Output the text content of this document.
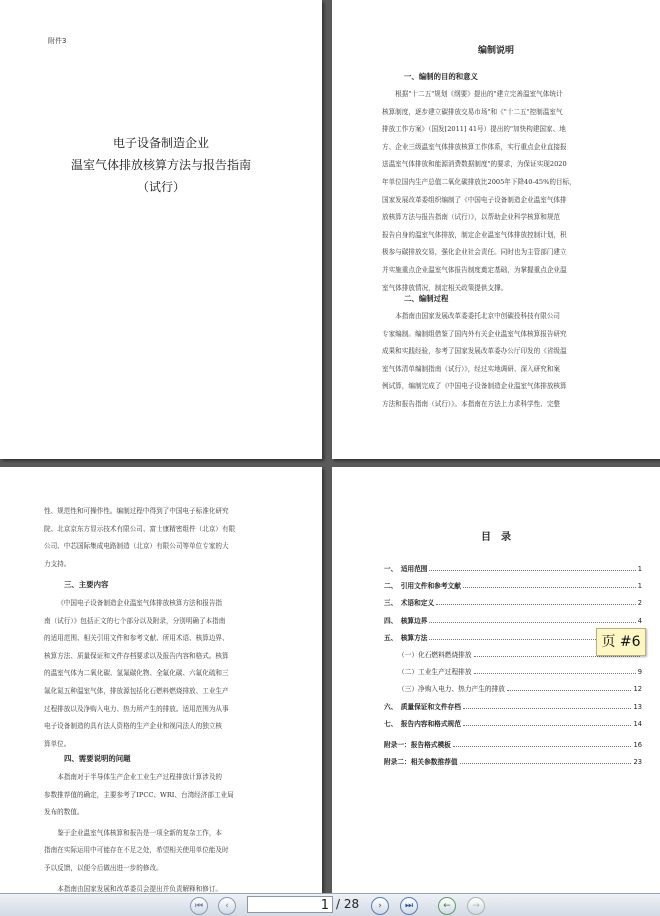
附件3
电子设备制造企业
温室气体排放核算方法与报告指南
（试行）
编制说明
一、编制的目的和意义
根据"十二五"规划《纲要》提出的"建立完善温室气体统计
核算制度，逐步建立碳排放交易市场"和《"十二五"控制温室气
排放工作方案》（国发[2011] 41号）提出的"加快构建国家、地
方、企业三级温室气体排放核算工作体系，实行重点企业直接报
送温室气体排放和能源消费数据制度"的要求，为保证实现2020
年单位国内生产总值二氧化碳排放比2005年下降40-45%的目标，
国家发展改革委组织编制了《中国电子设备制造企业温室气体排
放核算方法与报告指南（试行）》，以帮助企业科学核算和规范
报告自身的温室气体排放，制定企业温室气体排放控制计划，积
极参与碳排放交易，强化企业社会责任。同时也为主管部门建立
并实施重点企业温室气体报告制度奠定基础，为掌握重点企业温
室气体排放情况，制定相关政策提供支撑。
二、编制过程
本指南由国家发展改革委委托北京中创碳投科技有限公司
专家编制。编制组借鉴了国内外有关企业温室气体核算报告研究
成果和实践经验，参考了国家发展改革委办公厅印发的《省级温
室气体清单编制指南（试行）》，经过实地调研、深入研究和案
例试算，编制完成了《中国电子设备制造企业温室气体排放核算
方法和报告指南（试行）》。本指南在方法上力求科学性、完整
性、规范性和可操作性。编制过程中得到了中国电子标准化研究
院、北京京东方显示技术有限公司、富士康精密组件（北京）有限
公司、中芯国际集成电路制造（北京）有限公司等单位专家的大
力支持。
三、主要内容
《中国电子设备制造企业温室气体排放核算方法和报告指
南（试行）》包括正文的七个部分以及附录，分别明确了本指南
的适用范围、相关引用文件和参考文献、所用术语、核算边界、
核算方法、质量保证和文件存档要求以及报告内容和格式。核算
的温室气体为二氧化碳、氢氟碳化物、全氟化碳、六氟化硫和三
氟化氮五种温室气体，排放源包括化石燃料燃烧排放、工业生产
过程排放以及净购入电力、热力所产生的排放。适用范围为从事
电子设备制造的具有法人资格的生产企业和视同法人的独立核
算单位。
四、需要说明的问题
本指南对于半导体生产企业工业生产过程排放计算涉及的
参数推荐值的确定，主要参考了IPCC、WRI、台湾经济部工业局
发布的数值。
鉴于企业温室气体核算和报告是一项全新的复杂工作，本
指南在实际运用中可能存在不足之处，希望相关使用单位能及时
予以反馈，以便今后做出进一步的修改。
本指南由国家发展和改革委员会提出并负责解释和修订。
目　录
一、　适用范围	1
二、　引用文件和参考文献	1
三、　术语和定义	2
四、　核算边界	4
五、　核算方法
（一）化石燃料燃烧排放
（二）工业生产过程排放	9
（三）净购入电力、热力产生的排放	12
六、　质量保证和文件存档	13
七、　报告内容和格式规范	14
附录一：报告格式模板	16
附录二：相关参数推荐值	23
页 #6
⏮	‹	1 / 28	›	⏭	←	→
